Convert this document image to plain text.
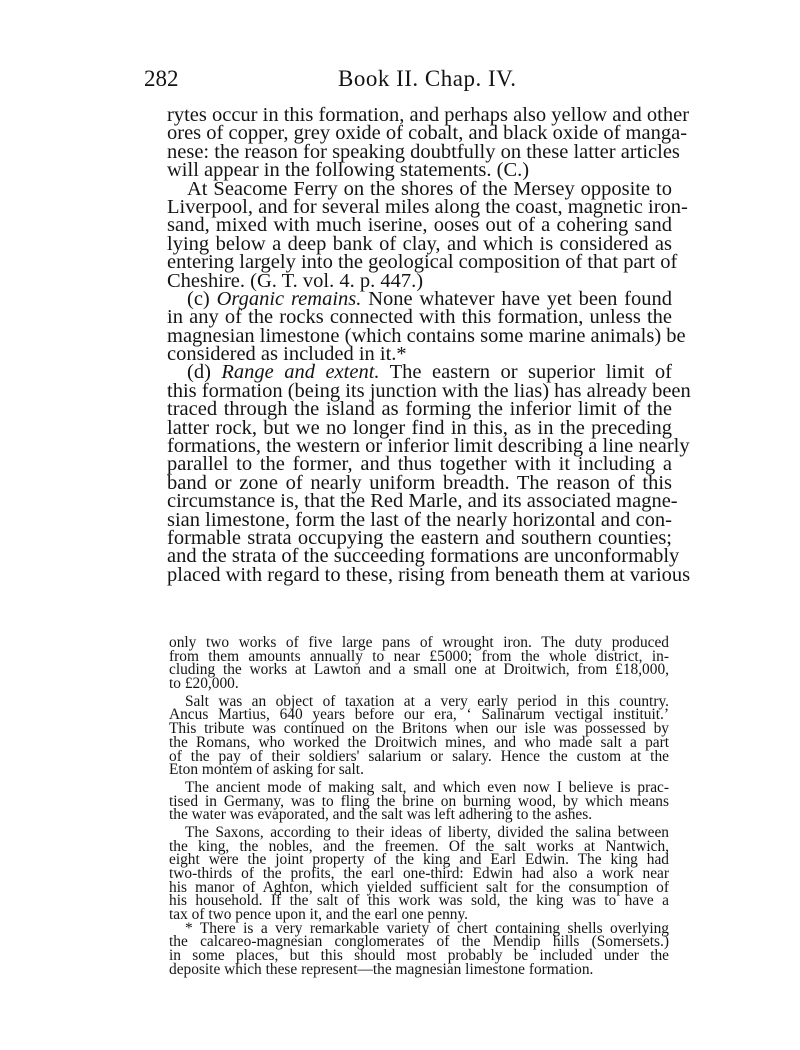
282	Book II. Chap. IV.
rytes occur in this formation, and perhaps also yellow and other
ores of copper, grey oxide of cobalt, and black oxide of manga-
nese: the reason for speaking doubtfully on these latter articles
will appear in the following statements. (C.)
At Seacome Ferry on the shores of the Mersey opposite to
Liverpool, and for several miles along the coast, magnetic iron-
sand, mixed with much iserine, ooses out of a cohering sand
lying below a deep bank of clay, and which is considered as
entering largely into the geological composition of that part of
Cheshire. (G. T. vol. 4. p. 447.)
(c) Organic remains. None whatever have yet been found
in any of the rocks connected with this formation, unless the
magnesian limestone (which contains some marine animals) be
considered as included in it.*
(d) Range and extent. The eastern or superior limit of
this formation (being its junction with the lias) has already been
traced through the island as forming the inferior limit of the
latter rock, but we no longer find in this, as in the preceding
formations, the western or inferior limit describing a line nearly
parallel to the former, and thus together with it including a
band or zone of nearly uniform breadth. The reason of this
circumstance is, that the Red Marle, and its associated magne-
sian limestone, form the last of the nearly horizontal and con-
formable strata occupying the eastern and southern counties;
and the strata of the succeeding formations are unconformably
placed with regard to these, rising from beneath them at various
only two works of five large pans of wrought iron. The duty produced
from them amounts annually to near £5000; from the whole district, in-
cluding the works at Lawton and a small one at Droitwich, from £18,000,
to £20,000.
Salt was an object of taxation at a very early period in this country.
Ancus Martius, 640 years before our era, ‘ Salinarum vectigal instituit.’
This tribute was continued on the Britons when our isle was possessed by
the Romans, who worked the Droitwich mines, and who made salt a part
of the pay of their soldiers' salarium or salary. Hence the custom at the
Eton montem of asking for salt.
The ancient mode of making salt, and which even now I believe is prac-
tised in Germany, was to fling the brine on burning wood, by which means
the water was evaporated, and the salt was left adhering to the ashes.
The Saxons, according to their ideas of liberty, divided the salina between
the king, the nobles, and the freemen. Of the salt works at Nantwich,
eight were the joint property of the king and Earl Edwin. The king had
two-thirds of the profits, the earl one-third: Edwin had also a work near
his manor of Aghton, which yielded sufficient salt for the consumption of
his household. If the salt of this work was sold, the king was to have a
tax of two pence upon it, and the earl one penny.
* There is a very remarkable variety of chert containing shells overlying
the calcareo-magnesian conglomerates of the Mendip hills (Somersets.)
in some places, but this should most probably be included under the
deposite which these represent—the magnesian limestone formation.
